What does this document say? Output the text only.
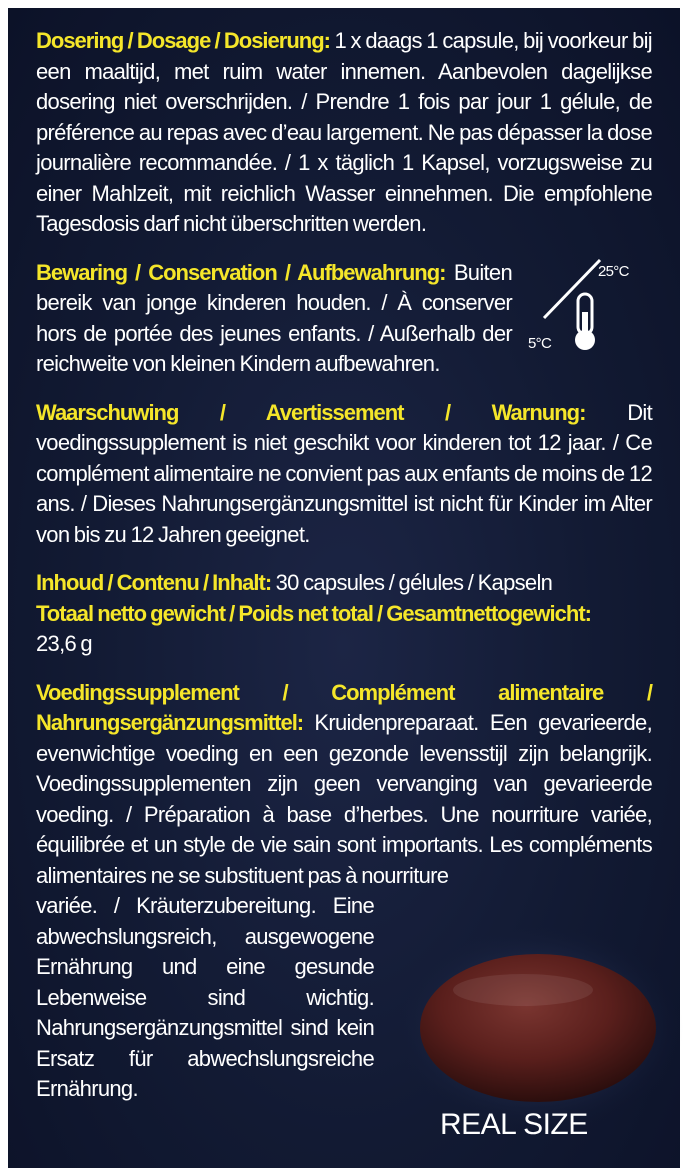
Dosering / Dosage / Dosierung: 1 x daags 1 capsule, bij voorkeur bij een maaltijd, met ruim water innemen. Aanbevolen dagelijkse dosering niet overschrijden. / Prendre 1 fois par jour 1 gélule, de préférence au repas avec d’eau largement. Ne pas dépasser la dose journalière recommandée. / 1 x täglich 1 Kapsel, vorzugsweise zu einer Mahlzeit, mit reichlich Wasser einnehmen. Die empfohlene Tagesdosis darf nicht überschritten werden.

Bewaring / Conservation / Aufbewahrung: Buiten bereik van jonge kinderen houden. / À conserver hors de portée des jeunes enfants. / Außerhalb der reichweite von kleinen Kindern aufbewahren.

25°C
5°C

Waarschuwing / Avertissement / Warnung: Dit voedingssupplement is niet geschikt voor kinderen tot 12 jaar. / Ce complément alimentaire ne convient pas aux enfants de moins de 12 ans. / Dieses Nahrungsergänzungsmittel ist nicht für Kinder im Alter von bis zu 12 Jahren geeignet.

Inhoud / Contenu / Inhalt: 30 capsules / gélules / Kapseln

Totaal netto gewicht / Poids net total / Gesamtnettogewicht:
23,6 g

Voedingssupplement / Complément alimentaire / Nahrungsergänzungsmittel: Kruidenpreparaat. Een gevarieerde, evenwichtige voeding en een gezonde levensstijl zijn belangrijk. Voedingssupplementen zijn geen vervanging van gevarieerde voeding. / Préparation à base d’herbes. Une nourriture variée, équilibrée et un style de vie sain sont importants. Les compléments alimentaires ne se substituent pas à nourriture

variée. / Kräuterzubereitung. Eine abwechslungsreich, ausgewogene Ernährung und eine gesunde Lebenweise sind wichtig. Nahrungsergänzungsmittel sind kein Ersatz für abwechslungsreiche Ernährung.

REAL SIZE
